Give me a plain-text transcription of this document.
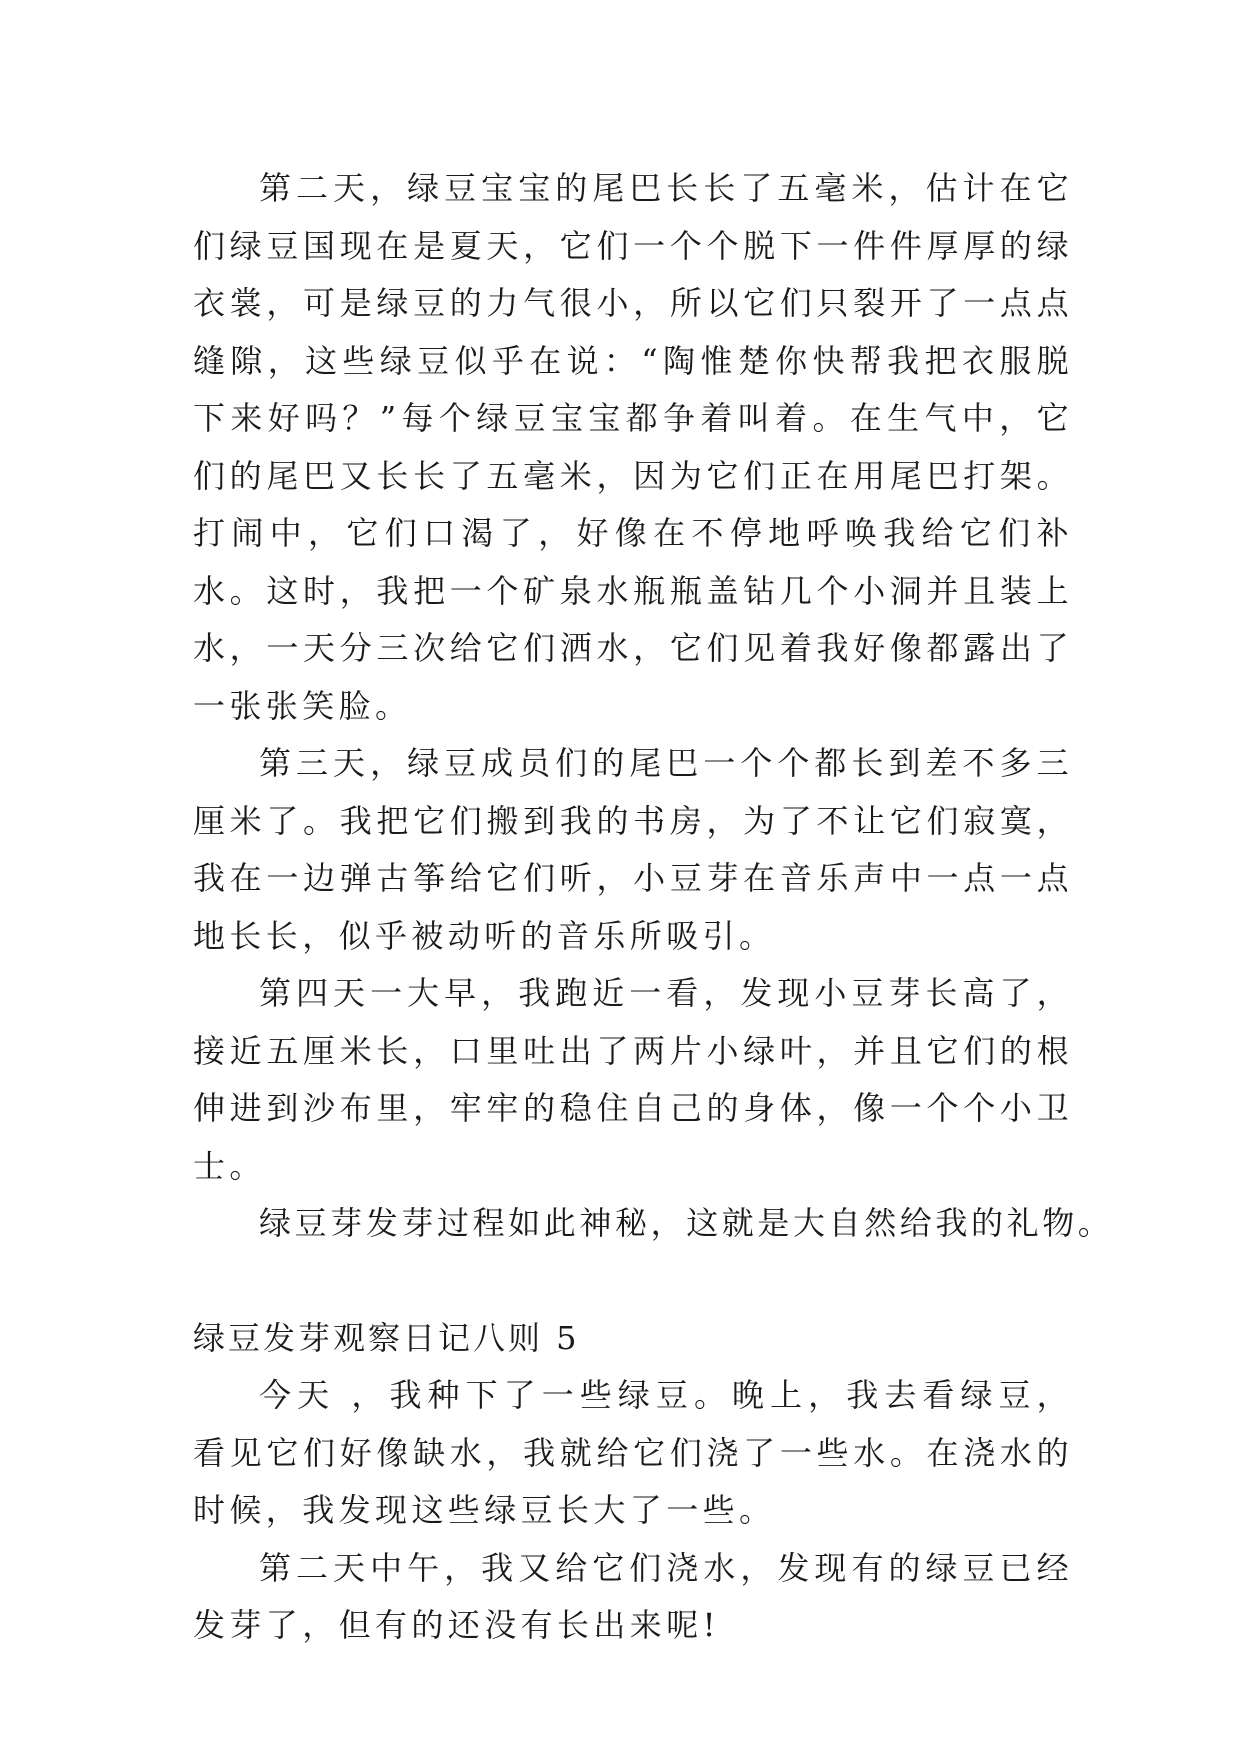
第二天，绿豆宝宝的尾巴长长了五毫米，估计在它们绿豆国现在是夏天，它们一个个脱下一件件厚厚的绿衣裳，可是绿豆的力气很小，所以它们只裂开了一点点缝隙，这些绿豆似乎在说：“陶惟楚你快帮我把衣服脱下来好吗？”每个绿豆宝宝都争着叫着。在生气中，它们的尾巴又长长了五毫米，因为它们正在用尾巴打架。打闹中，它们口渴了，好像在不停地呼唤我给它们补水。这时，我把一个矿泉水瓶瓶盖钻几个小洞并且装上水，一天分三次给它们洒水，它们见着我好像都露出了一张张笑脸。

第三天，绿豆成员们的尾巴一个个都长到差不多三厘米了。我把它们搬到我的书房，为了不让它们寂寞，我在一边弹古筝给它们听，小豆芽在音乐声中一点一点地长长，似乎被动听的音乐所吸引。

第四天一大早，我跑近一看，发现小豆芽长高了，接近五厘米长，口里吐出了两片小绿叶，并且它们的根伸进到沙布里，牢牢的稳住自己的身体，像一个个小卫士。

绿豆芽发芽过程如此神秘，这就是大自然给我的礼物。

绿豆发芽观察日记八则 5

今天 ，我种下了一些绿豆。晚上，我去看绿豆，看见它们好像缺水，我就给它们浇了一些水。在浇水的时候，我发现这些绿豆长大了一些。

第二天中午，我又给它们浇水，发现有的绿豆已经发芽了，但有的还没有长出来呢!
